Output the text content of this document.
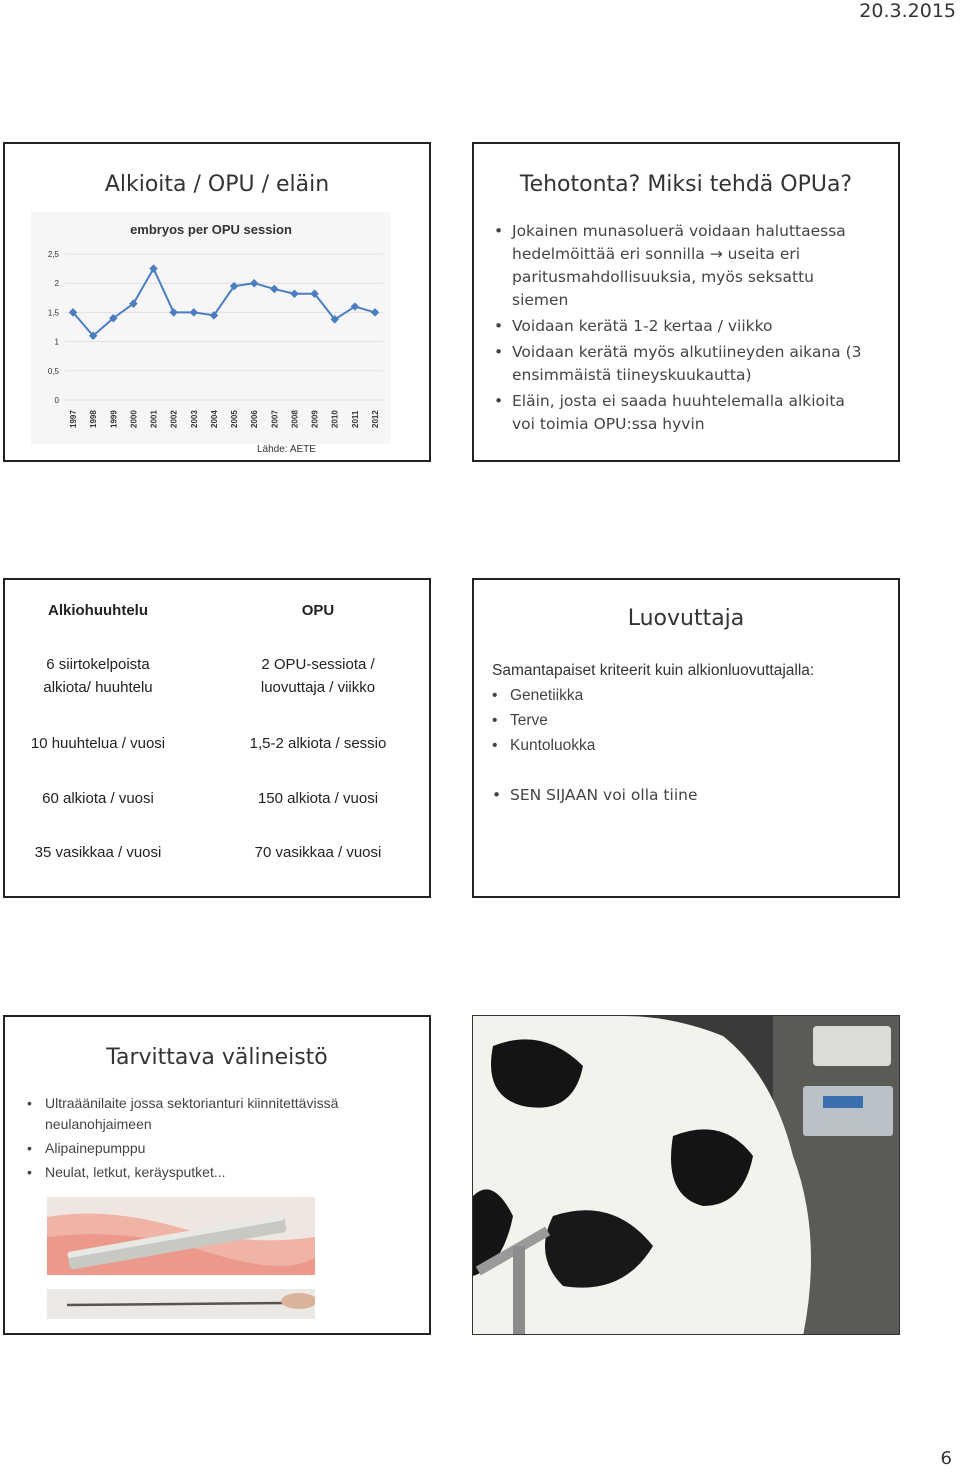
20.3.2015
Alkioita / OPU / eläin
embryos per OPU session
0
0,5
1
1,5
2
2,5
1997 1998 1999 2000 2001 2002 2003 2004 2005 2006 2007 2008 2009 2010 2011 2012
Lähde: AETE
Tehotonta? Miksi tehdä OPUa?
• Jokainen munasoluerä voidaan haluttaessa hedelmöittää eri sonnilla → useita eri paritusmahdollisuuksia, myös seksattu siemen
• Voidaan kerätä 1-2 kertaa / viikko
• Voidaan kerätä myös alkutiineyden aikana (3 ensimmäistä tiineyskuukautta)
• Eläin, josta ei saada huuhtelemalla alkioita voi toimia OPU:ssa hyvin
Alkiohuuhtelu
6 siirtokelpoista
alkiota/ huuhtelu
10 huuhtelua / vuosi
60 alkiota / vuosi
35 vasikkaa / vuosi
OPU
2 OPU-sessiota /
luovuttaja / viikko
1,5-2 alkiota / sessio
150 alkiota / vuosi
70 vasikkaa / vuosi
Luovuttaja
Samantapaiset kriteerit kuin alkionluovuttajalla:
• Genetiikka
• Terve
• Kuntoluokka
• SEN SIJAAN voi olla tiine
Tarvittava välineistö
• Ultraäänilaite jossa sektorianturi kiinnitettävissä neulanohjaimeen
• Alipainepumppu
• Neulat, letkut, keräysputket...
6
